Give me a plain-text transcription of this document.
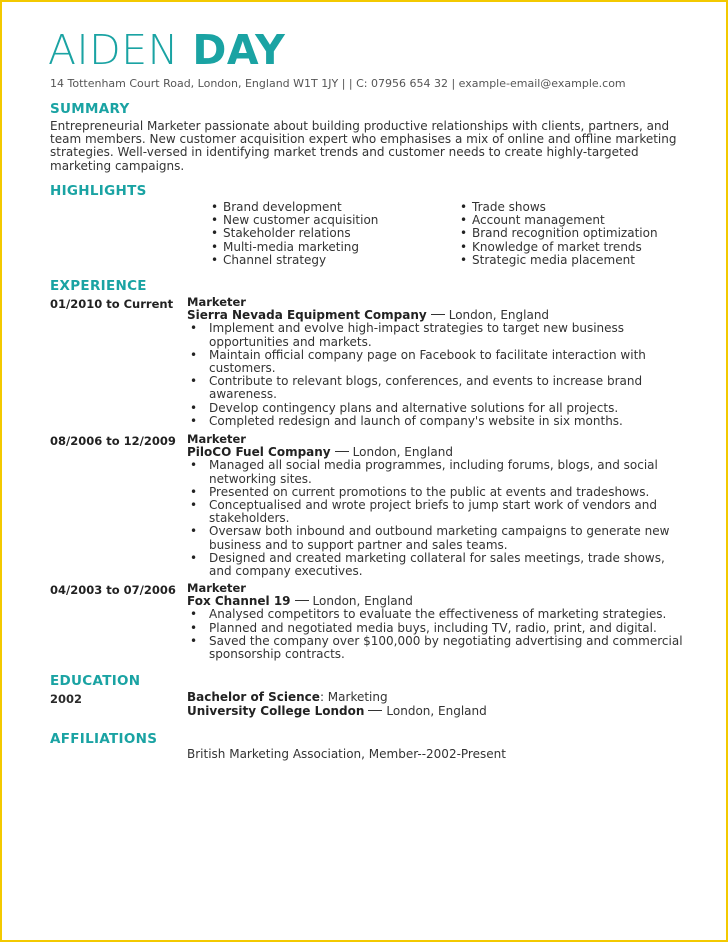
AIDEN DAY
14 Tottenham Court Road, London, England W1T 1JY | | C: 07956 654 32 | example-email@example.com
SUMMARY
Entrepreneurial Marketer passionate about building productive relationships with clients, partners, and team members. New customer acquisition expert who emphasises a mix of online and offline marketing strategies. Well-versed in identifying market trends and customer needs to create highly-targeted marketing campaigns.
HIGHLIGHTS
• Brand development
• New customer acquisition
• Stakeholder relations
• Multi-media marketing
• Channel strategy
• Trade shows
• Account management
• Brand recognition optimization
• Knowledge of market trends
• Strategic media placement
EXPERIENCE
01/2010 to Current Marketer
Sierra Nevada Equipment Company London, England
• Implement and evolve high-impact strategies to target new business opportunities and markets.
• Maintain official company page on Facebook to facilitate interaction with customers.
• Contribute to relevant blogs, conferences, and events to increase brand awareness.
• Develop contingency plans and alternative solutions for all projects.
• Completed redesign and launch of company's website in six months.
08/2006 to 12/2009 Marketer
PiloCO Fuel Company London, England
• Managed all social media programmes, including forums, blogs, and social networking sites.
• Presented on current promotions to the public at events and tradeshows.
• Conceptualised and wrote project briefs to jump start work of vendors and stakeholders.
• Oversaw both inbound and outbound marketing campaigns to generate new business and to support partner and sales teams.
• Designed and created marketing collateral for sales meetings, trade shows, and company executives.
04/2003 to 07/2006 Marketer
Fox Channel 19 London, England
• Analysed competitors to evaluate the effectiveness of marketing strategies.
• Planned and negotiated media buys, including TV, radio, print, and digital.
• Saved the company over $100,000 by negotiating advertising and commercial sponsorship contracts.
EDUCATION
2002	Bachelor of Science: Marketing
University College London London, England
AFFILIATIONS
British Marketing Association, Member--2002-Present
